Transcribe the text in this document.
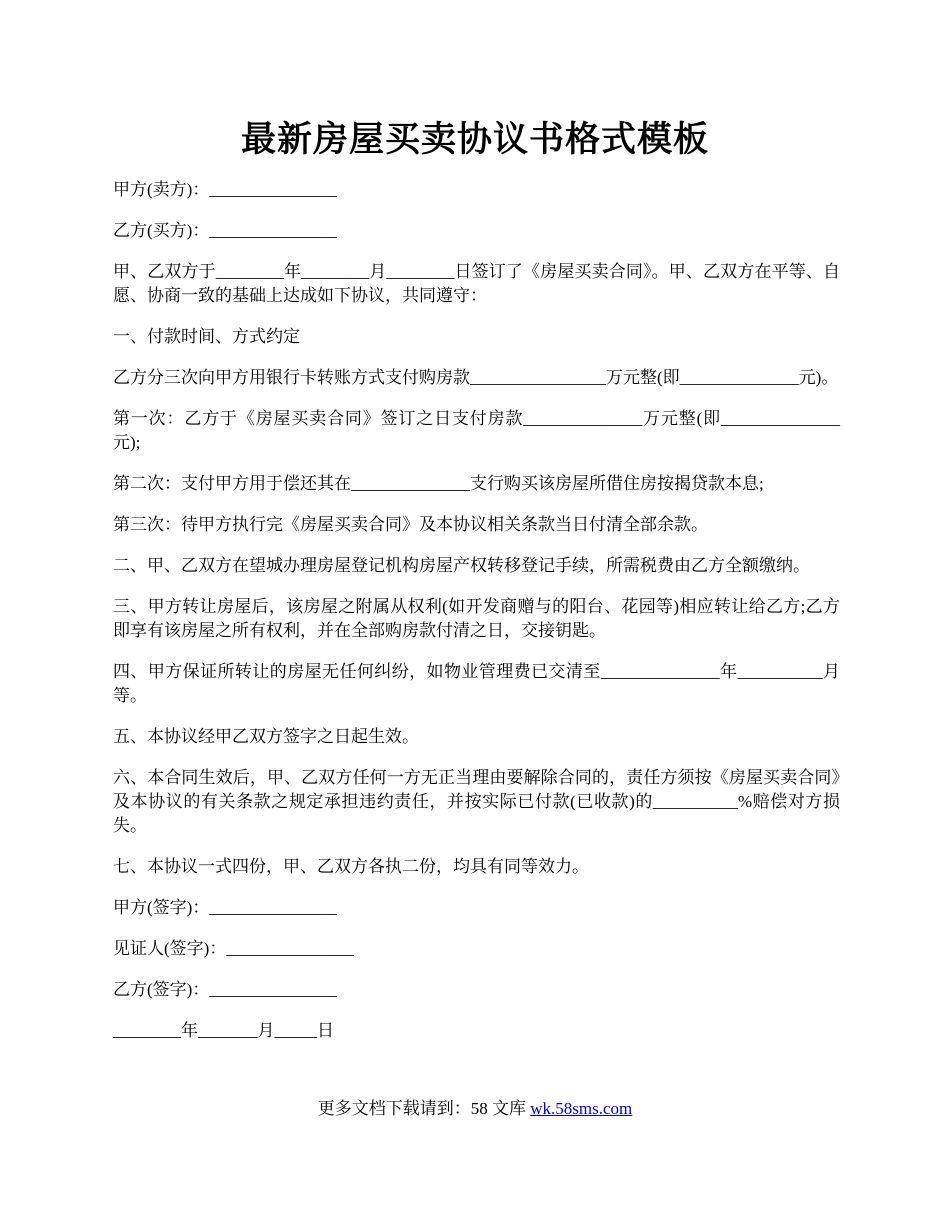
最新房屋买卖协议书格式模板

甲方(卖方)：_______________

乙方(买方)：_______________

甲、乙双方于________年________月________日签订了《房屋买卖合同》。甲、乙双方在平等、自愿、协商一致的基础上达成如下协议，共同遵守：

一、付款时间、方式约定

乙方分三次向甲方用银行卡转账方式支付购房款________________万元整(即______________元)。

第一次：乙方于《房屋买卖合同》签订之日支付房款______________万元整(即______________元);

第二次：支付甲方用于偿还其在______________支行购买该房屋所借住房按揭贷款本息;

第三次：待甲方执行完《房屋买卖合同》及本协议相关条款当日付清全部余款。

二、甲、乙双方在望城办理房屋登记机构房屋产权转移登记手续，所需税费由乙方全额缴纳。

三、甲方转让房屋后，该房屋之附属从权利(如开发商赠与的阳台、花园等)相应转让给乙方;乙方即享有该房屋之所有权利，并在全部购房款付清之日，交接钥匙。

四、甲方保证所转让的房屋无任何纠纷，如物业管理费已交清至______________年__________月等。

五、本协议经甲乙双方签字之日起生效。

六、本合同生效后，甲、乙双方任何一方无正当理由要解除合同的，责任方须按《房屋买卖合同》及本协议的有关条款之规定承担违约责任，并按实际已付款(已收款)的__________%赔偿对方损失。

七、本协议一式四份，甲、乙双方各执二份，均具有同等效力。

甲方(签字)：_______________

见证人(签字)：_______________

乙方(签字)：_______________

________年_______月_____日

更多文档下载请到：58 文库 wk.58sms.com
